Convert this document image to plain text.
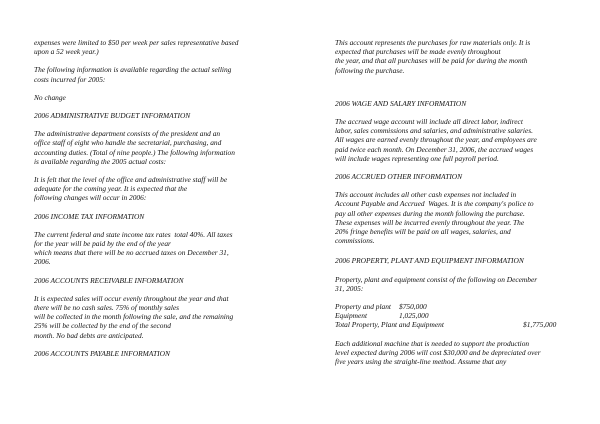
expenses were limited to $50 per week per sales representative based
upon a 52 week year.)

The following information is available regarding the actual selling
costs incurred for 2005:

No change

2006 ADMINISTRATIVE BUDGET INFORMATION

The administrative department consists of the president and an
office staff of eight who handle the secretarial, purchasing, and
accounting duties. (Total of nine people.) The following information
is available regarding the 2005 actual costs:

It is felt that the level of the office and administrative staff will be
adequate for the coming year. It is expected that the
following changes will occur in 2006:

2006 INCOME TAX INFORMATION

The current federal and state income tax rates  total 40%. All taxes
for the year will be paid by the end of the year
which means that there will be no accrued taxes on December 31,
2006.

2006 ACCOUNTS RECEIVABLE INFORMATION

It is expected sales will occur evenly throughout the year and that
there will be no cash sales. 75% of monthly sales
will be collected in the month following the sale, and the remaining
25% will be collected by the end of the second
month. No bad debts are anticipated.

2006 ACCOUNTS PAYABLE INFORMATION

This account represents the purchases for raw materials only. It is
expected that purchases will be made evenly throughout
the year, and that all purchases will be paid for during the month
following the purchase.

2006 WAGE AND SALARY INFORMATION

The accrued wage account will include all direct labor, indirect
labor, sales commissions and salaries, and administrative salaries.
All wages are earned evenly throughout the year, and employees are
paid twice each month. On December 31, 2006, the accrued wages
will include wages representing one full payroll period.

2006 ACCRUED OTHER INFORMATION

This account includes all other cash expenses not included in
Account Payable and Accrued  Wages. It is the company's police to
pay all other expenses during the month following the purchase.
These expenses will be incurred evenly throughout the year. The
20% fringe benefits will be paid on all wages, salaries, and
commissions.

2006 PROPERTY, PLANT AND EQUIPMENT INFORMATION

Property, plant and equipment consist of the following on December
31, 2005:

Property and plant

$750,000

Equipment

	1,025,000

Total Property, Plant and Equipment

	$1,775,000

Each additional machine that is needed to support the production
level expected during 2006 will cost $30,000 and be depreciated over
five years using the straight-line method. Assume that any
